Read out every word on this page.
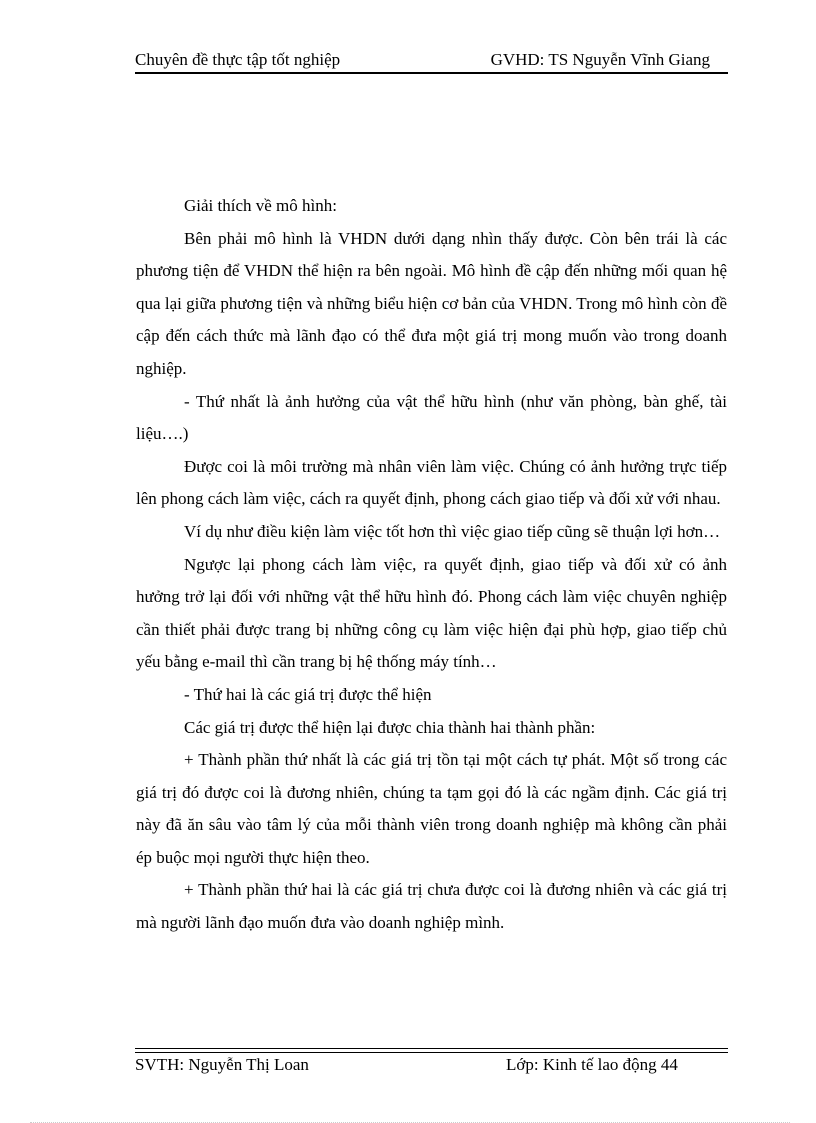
Chuyên đề thực tập tốt nghiệp	GVHD: TS Nguyễn Vĩnh Giang

Giải thích về mô hình:

Bên phải mô hình là VHDN dưới dạng nhìn thấy được. Còn bên trái là các phương tiện để VHDN thể hiện ra bên ngoài. Mô hình đề cập đến những mối quan hệ qua lại giữa phương tiện và những biểu hiện cơ bản của VHDN. Trong mô hình còn đề cập đến cách thức mà lãnh đạo có thể đưa một giá trị mong muốn vào trong doanh nghiệp.

- Thứ nhất là ảnh hưởng của vật thể hữu hình (như văn phòng, bàn ghế, tài liệu….)

Được coi là môi trường mà nhân viên làm việc. Chúng có ảnh hưởng trực tiếp lên phong cách làm việc, cách ra quyết định, phong cách giao tiếp và đối xử với nhau.

Ví dụ như điều kiện làm việc tốt hơn thì việc giao tiếp cũng sẽ thuận lợi hơn…

Ngược lại phong cách làm việc, ra quyết định, giao tiếp và đối xử có ảnh hưởng trở lại đối với những vật thể hữu hình đó. Phong cách làm việc chuyên nghiệp cần thiết phải được trang bị những công cụ làm việc hiện đại phù hợp, giao tiếp chủ yếu bằng e-mail thì cần trang bị hệ thống máy tính…

- Thứ hai là các giá trị được thể hiện

Các giá trị được thể hiện lại được chia thành hai thành phần:

+ Thành phần thứ nhất là các giá trị tồn tại một cách tự phát. Một số trong các giá trị đó được coi là đương nhiên, chúng ta tạm gọi đó là các ngầm định. Các giá trị này đã ăn sâu vào tâm lý của mỗi thành viên trong doanh nghiệp mà không cần phải ép buộc mọi người thực hiện theo.

+ Thành phần thứ hai là các giá trị chưa được coi là đương nhiên và các giá trị mà người lãnh đạo muốn đưa vào doanh nghiệp mình.

SVTH: Nguyễn Thị Loan	Lớp: Kinh tế lao động 44
